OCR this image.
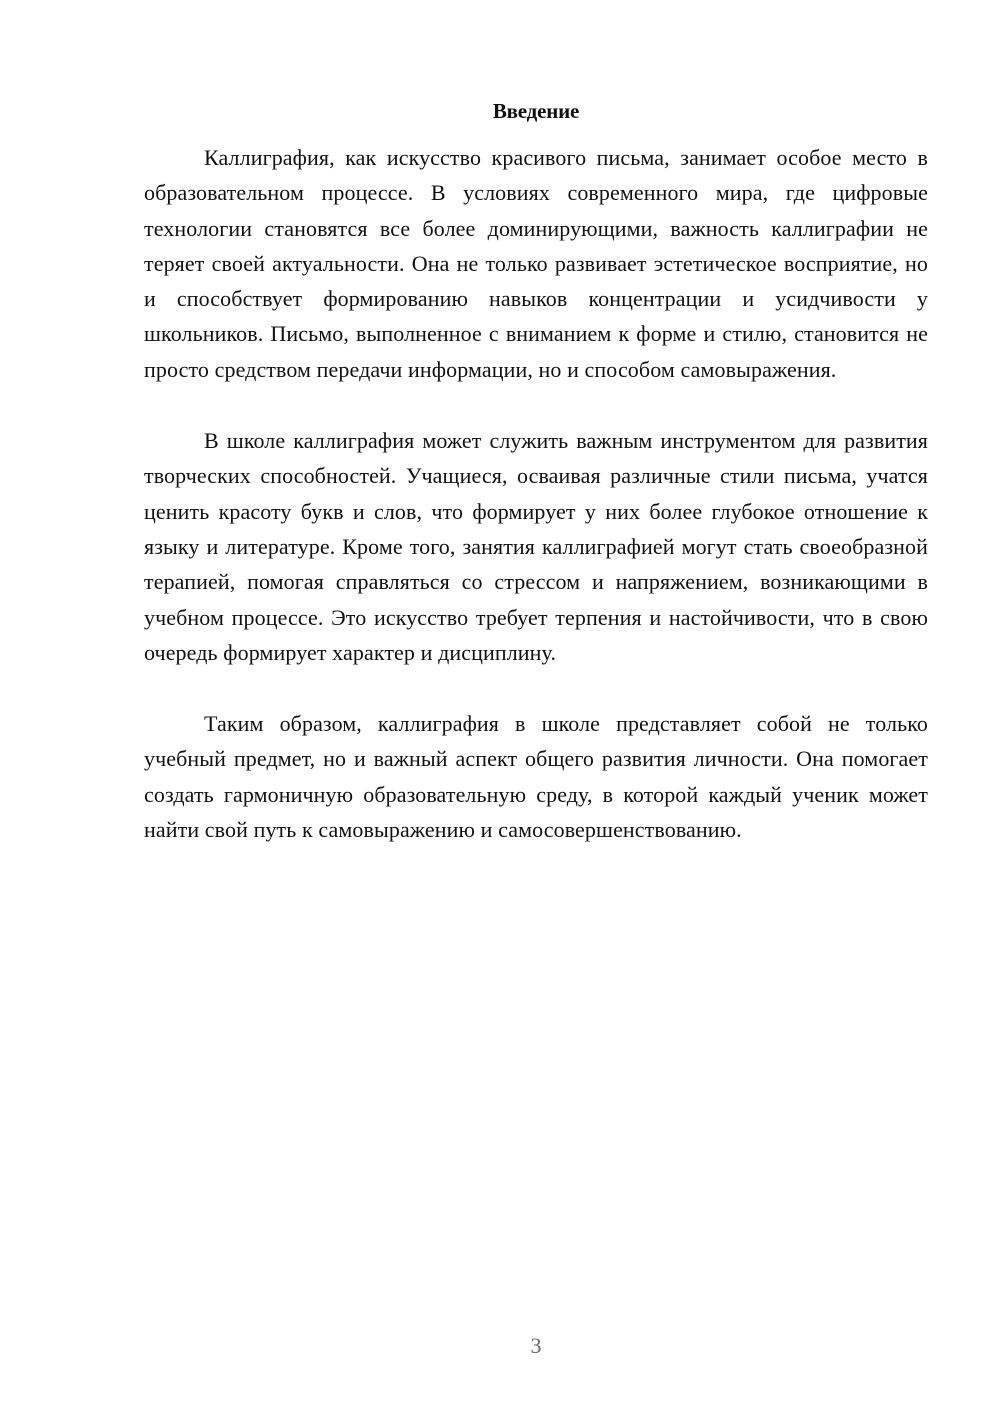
Введение

Каллиграфия, как искусство красивого письма, занимает особое место в образовательном процессе. В условиях современного мира, где цифровые технологии становятся все более доминирующими, важность каллиграфии не теряет своей актуальности. Она не только развивает эстетическое восприятие, но и способствует формированию навыков концентрации и усидчивости у школьников. Письмо, выполненное с вниманием к форме и стилю, становится не просто средством передачи информации, но и способом самовыражения.

В школе каллиграфия может служить важным инструментом для развития творческих способностей. Учащиеся, осваивая различные стили письма, учатся ценить красоту букв и слов, что формирует у них более глубокое отношение к языку и литературе. Кроме того, занятия каллиграфией могут стать своеобразной терапией, помогая справляться со стрессом и напряжением, возникающими в учебном процессе. Это искусство требует терпения и настойчивости, что в свою очередь формирует характер и дисциплину.

Таким образом, каллиграфия в школе представляет собой не только учебный предмет, но и важный аспект общего развития личности. Она помогает создать гармоничную образовательную среду, в которой каждый ученик может найти свой путь к самовыражению и самосовершенствованию.

3
